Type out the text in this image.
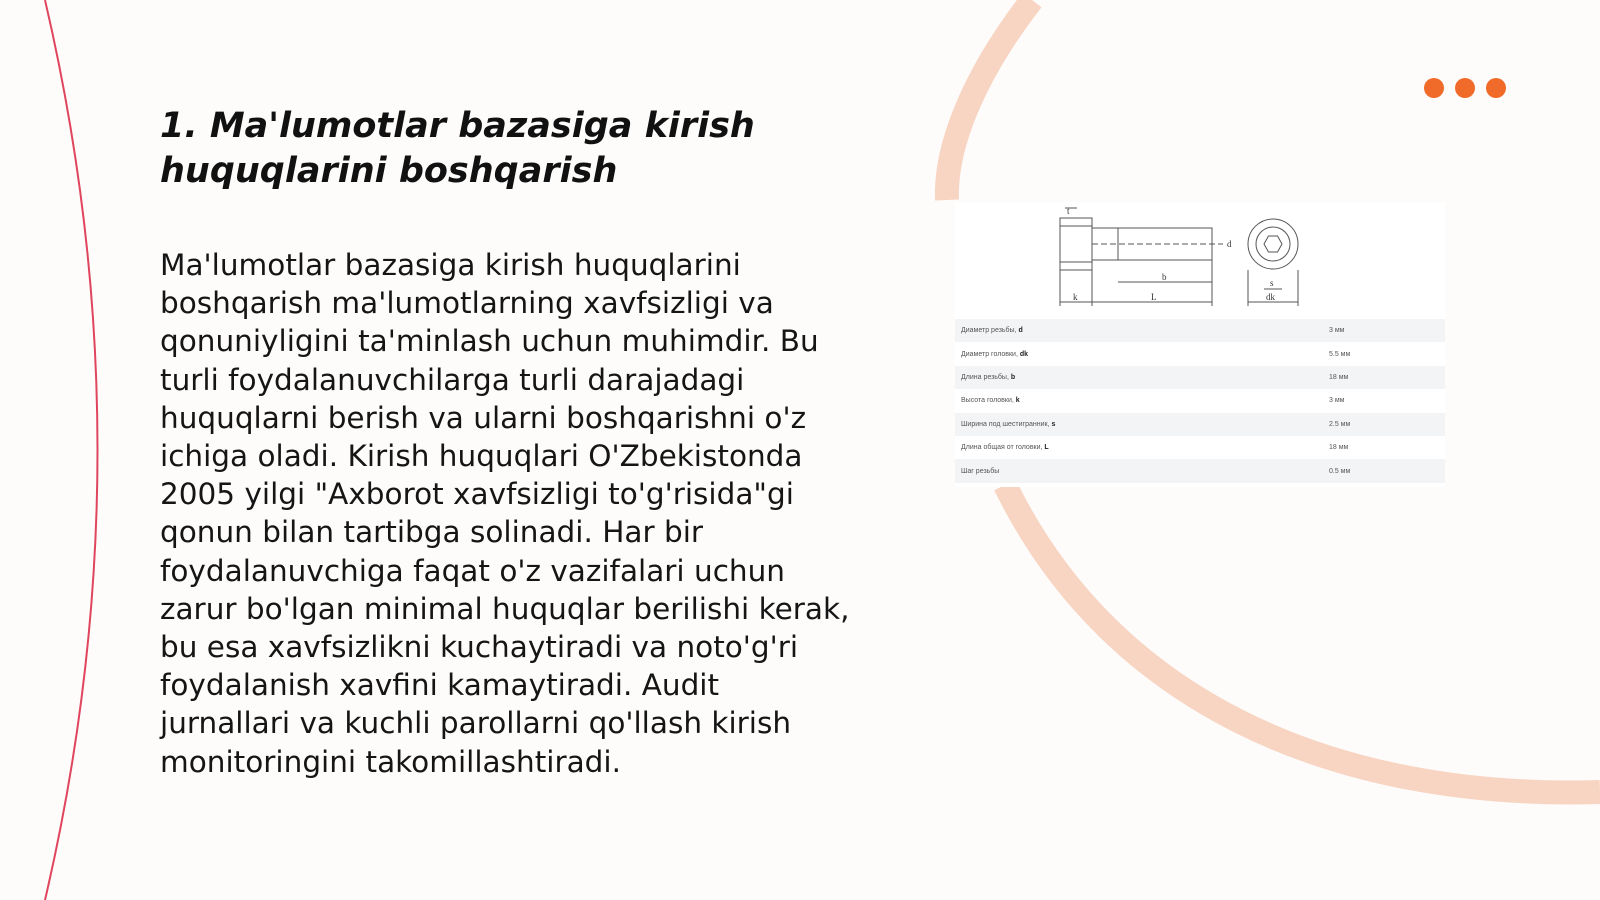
1. Ma'lumotlar bazasiga kirish
huquqlarini boshqarish

Ma'lumotlar bazasiga kirish huquqlarini boshqarish ma'lumotlarning xavfsizligi va qonuniyligini ta'minlash uchun muhimdir. Bu turli foydalanuvchilarga turli darajadagi huquqlarni berish va ularni boshqarishni o'z ichiga oladi. Kirish huquqlari O'Zbekistonda 2005 yilgi "Axborot xavfsizligi to'g'risida"gi qonun bilan tartibga solinadi. Har bir foydalanuvchiga faqat o'z vazifalari uchun zarur bo'lgan minimal huquqlar berilishi kerak, bu esa xavfsizlikni kuchaytiradi va noto'g'ri foydalanish xavfini kamaytiradi. Audit jurnallari va kuchli parollarni qo'llash kirish monitoringini takomillashtiradi.

t
d
b
k	L
s
dk
Диаметр резьбы, d	3 мм
Диаметр головки, dk	5.5 мм
Длина резьбы, b	18 мм
Высота головки, k	3 мм
Ширина под шестигранник, s	2.5 мм
Длина общая от головки, L	18 мм
Шаг резьбы	0.5 мм
